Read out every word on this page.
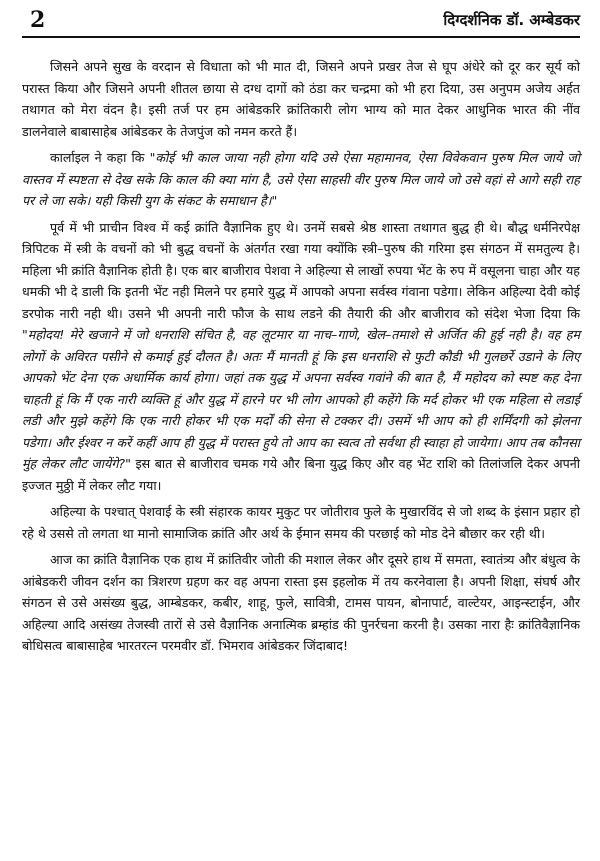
2	दिग्दर्शनिक डॉ. अम्बेडकर

जिसने अपने सुख के वरदान से विधाता को भी मात दी, जिसने अपने प्रखर तेज से घूप अंधेरे को दूर कर सूर्य को परास्त किया और जिसने अपनी शीतल छाया से दग्ध दागों को ठंडा कर चन्द्रमा को भी हरा दिया, उस अनुपम अजेय अर्हत तथागत को मेरा वंदन है। इसी तर्ज पर हम आंबेडकरि क्रांतिकारी लोग भाग्य को मात देकर आधुनिक भारत की नींव डालनेवाले बाबासाहेब आंबेडकर के तेजपुंज को नमन करते हैं।

कार्लाइल ने कहा कि "कोई भी काल जाया नही होगा यदि उसे ऐसा महामानव, ऐसा विवेकवान पुरुष मिल जाये जो वास्तव में स्पष्टता से देख सके कि काल की क्या मांग है, उसे ऐसा साहसी वीर पुरुष मिल जाये जो उसे वहां से आगे सही राह पर ले जा सके। यही किसी युग के संकट के समाधान है।"

पूर्व में भी प्राचीन विश्व में कई क्रांति वैज्ञानिक हुए थे। उनमें सबसे श्रेष्ठ शास्ता तथागत बुद्ध ही थे। बौद्ध धर्मनिरपेक्ष त्रिपिटक में स्त्री के वचनों को भी बुद्ध वचनों के अंतर्गत रखा गया क्योंकि स्त्री–पुरुष की गरिमा इस संगठन में समतुल्य है। महिला भी क्रांति वैज्ञानिक होती है। एक बार बाजीराव पेशवा ने अहिल्या से लाखों रुपया भेंट के रुप में वसूलना चाहा और यह धमकी भी दे डाली कि इतनी भेंट नही मिलने पर हमारे युद्ध में आपको अपना सर्वस्व गंवाना पडेगा। लेकिन अहिल्या देवी कोई डरपोक नारी नही थी। उसने भी अपनी नारी फौज के साथ लडने की तैयारी की और बाजीराव को संदेश भेजा दिया कि "महोदय! मेरे खजाने में जो धनराशि संचित है, वह लूटमार या नाच–गाणे, खेल–तमाशे से अर्जित की हुई नही है। वह हम लोगों के अविरत पसीने से कमाई हुई दौलत है। अतः मैं मानती हूं कि इस धनराशि से फुटी कौडी भी गुलछर्रे उडाने के लिए आपको भेंट देना एक अधार्मिक कार्य होगा। जहां तक युद्ध में अपना सर्वस्व गवांने की बात है, मैं महोदय को स्पष्ट कह देना चाहती हूं कि मैं एक नारी व्यक्ति हूं और युद्ध में हारने पर भी लोग आपको ही कहेंगे कि मर्द होकर भी एक महिला से लडाई लडी और मुझे कहेंगे कि एक नारी होकर भी एक मर्दों की सेना से टक्कर दी। उसमें भी आप को ही शर्मिंदगी को झेलना पडेगा। और ईश्वर न करें कहीं आप ही युद्ध में परास्त हुये तो आप का स्वत्व तो सर्वथा ही स्वाहा हो जायेगा। आप तब कौनसा मुंह लेकर लौट जायेंगे?" इस बात से बाजीराव चमक गये और बिना युद्ध किए और वह भेंट राशि को तिलांजलि देकर अपनी इज्जत मुठ्ठी में लेकर लौट गया।

अहिल्या के पश्चात् पेशवाई के स्त्री संहारक कायर मुकुट पर जोतीराव फुले के मुखारविंद से जो शब्द के इंसान प्रहार हो रहे थे उससे तो लगता था मानो सामाजिक क्रांति और अर्थ के ईमान समय की परछाई को मोड देने बौछार कर रही थी।

आज का क्रांति वैज्ञानिक एक हाथ में क्रांतिवीर जोती की मशाल लेकर और दूसरे हाथ में समता, स्वातंत्र्य और बंधुत्व के आंबेडकरी जीवन दर्शन का त्रिशरण ग्रहण कर वह अपना रास्ता इस इहलोक में तय करनेवाला है। अपनी शिक्षा, संघर्ष और संगठन से उसे असंख्य बुद्ध, आम्बेडकर, कबीर, शाहू, फुले, सावित्री, टामस पायन, बोनापार्ट, वाल्टेयर, आइन्स्टाईन, और अहिल्या आदि असंख्य तेजस्वी तारों से उसे वैज्ञानिक अनात्मिक ब्रम्हांड की पुनर्रचना करनी है। उसका नारा हैः क्रांतिवैज्ञानिक बोधिसत्व बाबासाहेब भारतरत्न परमवीर डॉ. भिमराव आंबेडकर जिंदाबाद!
